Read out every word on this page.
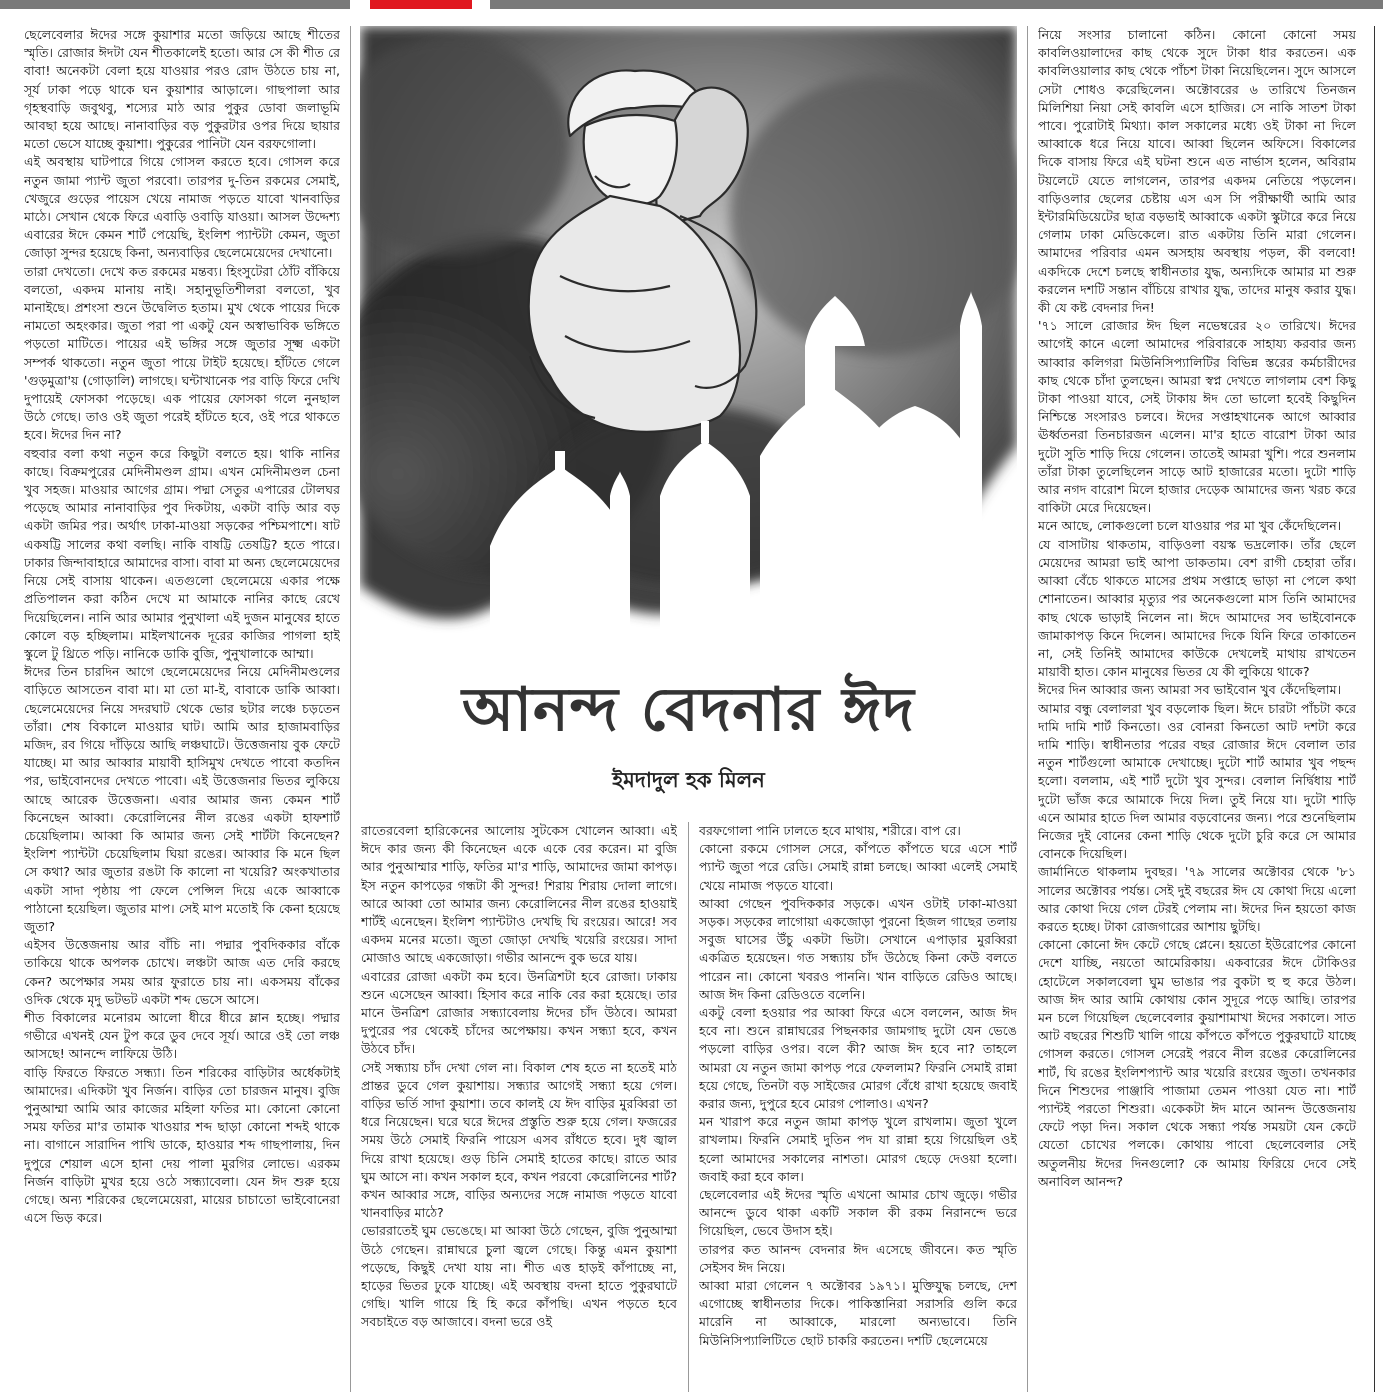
ছেলেবেলার ঈদের সঙ্গে কুয়াশার মতো জড়িয়ে আছে শীতের স্মৃতি। রোজার ঈদটা যেন শীতকালেই হতো। আর সে কী শীত রে বাবা! অনেকটা বেলা হয়ে যাওয়ার পরও রোদ উঠতে চায় না, সূর্য ঢাকা পড়ে থাকে ঘন কুয়াশার আড়ালে। গাছপালা আর গৃহস্থবাড়ি জবুথবু, শস্যের মাঠ আর পুকুর ডোবা জলাভূমি আবছা হয়ে আছে। নানাবাড়ির বড় পুকুরটার ওপর দিয়ে ছায়ার মতো ভেসে যাচ্ছে কুয়াশা। পুকুরের পানিটা যেন বরফগোলা।

এই অবস্থায় ঘাটপারে গিয়ে গোসল করতে হবে। গোসল করে নতুন জামা প্যান্ট জুতা পরবো। তারপর দু-তিন রকমের সেমাই, খেজুরে গুড়ের পায়েস খেয়ে নামাজ পড়তে যাবো খানবাড়ির মাঠে। সেখান থেকে ফিরে এবাড়ি ওবাড়ি যাওয়া। আসল উদ্দেশ্য এবারের ঈদে কেমন শার্ট পেয়েছি, ইংলিশ প্যান্টটা কেমন, জুতা জোড়া সুন্দর হয়েছে কিনা, অন্যবাড়ির ছেলেমেয়েদের দেখানো।

তারা দেখতো। দেখে কত রকমের মন্তব্য। হিংসুটেরা ঠোঁট বাঁকিয়ে বলতো, একদম মানায় নাই। সহানুভূতিশীলরা বলতো, খুব মানাইছে। প্রশংসা শুনে উদ্বেলিত হতাম। মুখ থেকে পায়ের দিকে নামতো অহংকার। জুতা পরা পা একটু যেন অস্বাভাবিক ভঙ্গিতে পড়তো মাটিতে। পায়ের এই ভঙ্গির সঙ্গে জুতার সূক্ষ্ম একটা সম্পর্ক থাকতো। নতুন জুতা পায়ে টাইট হয়েছে। হাঁটতে গেলে 'গুড়মুত্রা'য় (গোড়ালি) লাগছে। ঘন্টাখানেক পর বাড়ি ফিরে দেখি দুপায়েই ফোসকা পড়েছে। এক পায়ের ফোসকা গলে নুনছাল উঠে গেছে। তাও ওই জুতা পরেই হাঁটতে হবে, ওই পরে থাকতে হবে। ঈদের দিন না?

বহুবার বলা কথা নতুন করে কিছুটা বলতে হয়। থাকি নানির কাছে। বিক্রমপুরের মেদিনীমণ্ডল গ্রাম। এখন মেদিনীমণ্ডল চেনা খুব সহজ। মাওয়ার আগের গ্রাম। পদ্মা সেতুর এপারের টোলঘর পড়েছে আমার নানাবাড়ির পুব দিকটায়, একটা বাড়ি আর বড় একটা জমির পর। অর্থাৎ ঢাকা-মাওয়া সড়কের পশ্চিমপাশে। ষাট একষট্টি সালের কথা বলছি। নাকি বাষট্টি তেষট্টি? হতে পারে। ঢাকার জিন্দাবাহারে আমাদের বাসা। বাবা মা অন্য ছেলেমেয়েদের নিয়ে সেই বাসায় থাকেন। এতগুলো ছেলেমেয়ে একার পক্ষে প্রতিপালন করা কঠিন দেখে মা আমাকে নানির কাছে রেখে দিয়েছিলেন। নানি আর আমার পুনুখালা এই দুজন মানুষের হাতে কোলে বড় হচ্ছিলাম। মাইলখানেক দূরের কাজির পাগলা হাই স্কুলে টু থ্রিতে পড়ি। নানিকে ডাকি বুজি, পুনুখালাকে আম্মা।

ঈদের তিন চারদিন আগে ছেলেমেয়েদের নিয়ে মেদিনীমণ্ডলের বাড়িতে আসতেন বাবা মা। মা তো মা-ই, বাবাকে ডাকি আব্বা। ছেলেমেয়েদের নিয়ে সদরঘাট থেকে ভোর ছটার লঞ্চে চড়তেন তাঁরা। শেষ বিকালে মাওয়ার ঘাট। আমি আর হাজামবাড়ির মজিদ, রব গিয়ে দাঁড়িয়ে আছি লঞ্চঘাটে। উত্তেজনায় বুক ফেটে যাচ্ছে। মা আর আব্বার মায়াবী হাসিমুখ দেখতে পাবো কতদিন পর, ভাইবোনদের দেখতে পাবো। এই উত্তেজনার ভিতর লুকিয়ে আছে আরেক উত্তেজনা। এবার আমার জন্য কেমন শার্ট কিনেছেন আব্বা। কেরোলিনের নীল রঙের একটা হাফশার্ট চেয়েছিলাম। আব্বা কি আমার জন্য সেই শার্টটা কিনেছেন? ইংলিশ প্যান্টটা চেয়েছিলাম ঘিয়া রঙের। আব্বার কি মনে ছিল সে কথা? আর জুতার রঙটা কি কালো না খয়েরি? অংকখাতার একটা সাদা পৃষ্ঠায় পা ফেলে পেন্সিল দিয়ে একে আব্বাকে পাঠানো হয়েছিল। জুতার মাপ। সেই মাপ মতোই কি কেনা হয়েছে জুতা?

এইসব উত্তেজনায় আর বাঁচি না। পদ্মার পুবদিককার বাঁকে তাকিয়ে থাকে অপলক চোখে। লঞ্চটা আজ এত দেরি করছে কেন? অপেক্ষার সময় আর ফুরাতে চায় না। একসময় বাঁকের ওদিক থেকে মৃদু ভটভট একটা শব্দ ভেসে আসে।

শীত বিকালের মনোরম আলো ধীরে ধীরে ম্লান হচ্ছে। পদ্মার গভীরে এখনই যেন টুপ করে ডুব দেবে সূর্য। আরে ওই তো লঞ্চ আসছে! আনন্দে লাফিয়ে উঠি।

বাড়ি ফিরতে ফিরতে সন্ধ্যা। তিন শরিকের বাড়িটার অর্ধেকটাই আমাদের। এদিকটা খুব নির্জন। বাড়ির তো চারজন মানুষ। বুজি পুনুআম্মা আমি আর কাজের মহিলা ফতির মা। কোনো কোনো সময় ফতির মা'র তামাক খাওয়ার শব্দ ছাড়া কোনো শব্দই থাকে না। বাগানে সারাদিন পাখি ডাকে, হাওয়ার শব্দ গাছপালায়, দিন দুপুরে শেয়াল এসে হানা দেয় পালা মুরগির লোভে। এরকম নির্জন বাড়িটা মুখর হয়ে ওঠে সন্ধ্যাবেলা। যেন ঈদ শুরু হয়ে গেছে। অন্য শরিকের ছেলেমেয়েরা, মায়ের চাচাতো ভাইবোনেরা এসে ভিড় করে।

আনন্দ বেদনার ঈদ
ইমদাদুল হক মিলন

রাতেরবেলা হারিকেনের আলোয় সুটকেস খোলেন আব্বা। এই ঈদে কার জন্য কী কিনেছেন একে একে বের করেন। মা বুজি আর পুনুআম্মার শাড়ি, ফতির মা'র শাড়ি, আমাদের জামা কাপড়। ইস নতুন কাপড়ের গন্ধটা কী সুন্দর! শিরায় শিরায় দোলা লাগে। আরে আব্বা তো আমার জন্য কেরোলিনের নীল রঙের হাওয়াই শার্টই এনেছেন। ইংলিশ প্যান্টটাও দেখছি ঘি রংয়ের। আরে! সব একদম মনের মতো। জুতা জোড়া দেখছি খয়েরি রংয়ের। সাদা মোজাও আছে একজোড়া। গভীর আনন্দে বুক ভরে যায়।

এবারের রোজা একটা কম হবে। উনত্রিশটা হবে রোজা। ঢাকায় শুনে এসেছেন আব্বা। হিসাব করে নাকি বের করা হয়েছে। তার মানে উনত্রিশ রোজার সন্ধ্যাবেলায় ঈদের চাঁদ উঠবে। আমরা দুপুরের পর থেকেই চাঁদের অপেক্ষায়। কখন সন্ধ্যা হবে, কখন উঠবে চাঁদ।

সেই সন্ধ্যায় চাঁদ দেখা গেল না। বিকাল শেষ হতে না হতেই মাঠ প্রান্তর ডুবে গেল কুয়াশায়। সন্ধ্যার আগেই সন্ধ্যা হয়ে গেল। বাড়ির ভর্তি সাদা কুয়াশা। তবে কালই যে ঈদ বাড়ির মুরব্বিরা তা ধরে নিয়েছেন। ঘরে ঘরে ঈদের প্রস্তুতি শুরু হয়ে গেল। ফজরের সময় উঠে সেমাই ফিরনি পায়েস এসব রাঁধতে হবে। দুধ জ্বাল দিয়ে রাখা হয়েছে। গুড় চিনি সেমাই হাতের কাছে। রাতে আর ঘুম আসে না। কখন সকাল হবে, কখন পরবো কেরোলিনের শার্ট? কখন আব্বার সঙ্গে, বাড়ির অন্যদের সঙ্গে নামাজ পড়তে যাবো খানবাড়ির মাঠে?

ভোররাতেই ঘুম ভেঙেছে। মা আব্বা উঠে গেছেন, বুজি পুনুআম্মা উঠে গেছেন। রান্নাঘরে চুলা জ্বলে গেছে। কিন্তু এমন কুয়াশা পড়েছে, কিছুই দেখা যায় না। শীত এত্ত হাড়ই কাঁপাচ্ছে না, হাড়ের ভিতর ঢুকে যাচ্ছে। এই অবস্থায় বদনা হাতে পুকুরঘাটে গেছি। খালি গায়ে হি হি করে কাঁপছি। এখন পড়তে হবে সবচাইতে বড় আজাবে। বদনা ভরে ওই

বরফগোলা পানি ঢালতে হবে মাথায়, শরীরে। বাপ রে।

কোনো রকমে গোসল সেরে, কাঁপতে কাঁপতে ঘরে এসে শার্ট প্যান্ট জুতা পরে রেডি। সেমাই রান্না চলছে। আব্বা এলেই সেমাই খেয়ে নামাজ পড়তে যাবো।

আব্বা গেছেন পুবদিককার সড়কে। এখন ওটাই ঢাকা-মাওয়া সড়ক। সড়কের লাগোয়া একজোড়া পুরনো হিজল গাছের তলায় সবুজ ঘাসের উঁচু একটা ভিটা। সেখানে এপাড়ার মুরব্বিরা একত্রিত হয়েছেন। গত সন্ধ্যায় চাঁদ উঠেছে কিনা কেউ বলতে পারেন না। কোনো খবরও পাননি। খান বাড়িতে রেডিও আছে। আজ ঈদ কিনা রেডিওতে বলেনি।

একটু বেলা হওয়ার পর আব্বা ফিরে এসে বললেন, আজ ঈদ হবে না। শুনে রান্নাঘরের পিছনকার জামগাছ দুটো যেন ভেঙে পড়লো বাড়ির ওপর। বলে কী? আজ ঈদ হবে না? তাহলে আমরা যে নতুন জামা কাপড় পরে ফেললাম? ফিরনি সেমাই রান্না হয়ে গেছে, তিনটা বড় সাইজের মোরগ বেঁধে রাখা হয়েছে জবাই করার জন্য, দুপুরে হবে মোরগ পোলাও। এখন?

মন খারাপ করে নতুন জামা কাপড় খুলে রাখলাম। জুতা খুলে রাখলাম। ফিরনি সেমাই দুতিন পদ যা রান্না হয়ে গিয়েছিল ওই হলো আমাদের সকালের নাশতা। মোরগ ছেড়ে দেওয়া হলো। জবাই করা হবে কাল।

ছেলেবেলার এই ঈদের স্মৃতি এখনো আমার চোখ জুড়ে। গভীর আনন্দে ডুবে থাকা একটি সকাল কী রকম নিরানন্দে ভরে গিয়েছিল, ভেবে উদাস হই।

তারপর কত আনন্দ বেদনার ঈদ এসেছে জীবনে। কত স্মৃতি সেইসব ঈদ নিয়ে।

আব্বা মারা গেলেন ৭ অক্টোবর ১৯৭১। মুক্তিযুদ্ধ চলছে, দেশ এগোচ্ছে স্বাধীনতার দিকে। পাকিস্তানিরা সরাসরি গুলি করে মারেনি না আব্বাকে, মারলো অন্যভাবে। তিনি মিউনিসিপ্যালিটিতে ছোট চাকরি করতেন। দশটি ছেলেমেয়ে

নিয়ে সংসার চালানো কঠিন। কোনো কোনো সময় কাবলিওয়ালাদের কাছ থেকে সুদে টাকা ধার করতেন। এক কাবলিওয়ালার কাছ থেকে পাঁচশ টাকা নিয়েছিলেন। সুদে আসলে সেটা শোধও করেছিলেন। অক্টোবরের ৬ তারিখে তিনজন মিলিশিয়া নিয়া সেই কাবলি এসে হাজির। সে নাকি সাতশ টাকা পাবে। পুরোটাই মিথ্যা। কাল সকালের মধ্যে ওই টাকা না দিলে আব্বাকে ধরে নিয়ে যাবে। আব্বা ছিলেন অফিসে। বিকালের দিকে বাসায় ফিরে এই ঘটনা শুনে এত নার্ভাস হলেন, অবিরাম টয়লেটে যেতে লাগলেন, তারপর একদম নেতিয়ে পড়লেন। বাড়িওলার ছেলের চেষ্টায় এস এস সি পরীক্ষার্থী আমি আর ইন্টারমিডিয়েটের ছাত্র বড়ভাই আব্বাকে একটা স্কুটারে করে নিয়ে গেলাম ঢাকা মেডিকেলে। রাত একটায় তিনি মারা গেলেন। আমাদের পরিবার এমন অসহায় অবস্থায় পড়ল, কী বলবো! একদিকে দেশে চলছে স্বাধীনতার যুদ্ধ, অন্যদিকে আমার মা শুরু করলেন দশটি সন্তান বাঁচিয়ে রাখার যুদ্ধ, তাদের মানুষ করার যুদ্ধ। কী যে কষ্ট বেদনার দিন!

'৭১ সালে রোজার ঈদ ছিল নভেম্বরের ২০ তারিখে। ঈদের আগেই কানে এলো আমাদের পরিবারকে সাহায্য করবার জন্য আব্বার কলিগরা মিউনিসিপ্যালিটির বিভিন্ন স্তরের কর্মচারীদের কাছ থেকে চাঁদা তুলছেন। আমরা স্বপ্ন দেখতে লাগলাম বেশ কিছু টাকা পাওয়া যাবে, সেই টাকায় ঈদ তো ভালো হবেই কিছুদিন নিশ্চিন্তে সংসারও চলবে। ঈদের সপ্তাহখানেক আগে আব্বার ঊর্ধ্বতনরা তিনচারজন এলেন। মা'র হাতে বারোশ টাকা আর দুটো সুতি শাড়ি দিয়ে গেলেন। তাতেই আমরা খুশি। পরে শুনলাম তাঁরা টাকা তুলেছিলেন সাড়ে আট হাজারের মতো। দুটো শাড়ি আর নগদ বারোশ মিলে হাজার দেড়েক আমাদের জন্য খরচ করে বাকিটা মেরে দিয়েছেন।

মনে আছে, লোকগুলো চলে যাওয়ার পর মা খুব কেঁদেছিলেন।

যে বাসাটায় থাকতাম, বাড়িওলা বয়স্ক ভদ্রলোক। তাঁর ছেলে মেয়েদের আমরা ভাই আপা ডাকতাম। বেশ রাগী চেহারা তাঁর। আব্বা বেঁচে থাকতে মাসের প্রথম সপ্তাহে ভাড়া না পেলে কথা শোনাতেন। আব্বার মৃত্যুর পর অনেকগুলো মাস তিনি আমাদের কাছ থেকে ভাড়াই নিলেন না। ঈদে আমাদের সব ভাইবোনকে জামাকাপড় কিনে দিলেন। আমাদের দিকে যিনি ফিরে তাকাতেন না, সেই তিনিই আমাদের কাউকে দেখলেই মাথায় রাখতেন মায়াবী হাত। কোন মানুষের ভিতর যে কী লুকিয়ে থাকে?

ঈদের দিন আব্বার জন্য আমরা সব ভাইবোন খুব কেঁদেছিলাম।

আমার বন্ধু বেলালরা খুব বড়লোক ছিল। ঈদে চারটা পাঁচটা করে দামি দামি শার্ট কিনতো। ওর বোনরা কিনতো আট দশটা করে দামি শাড়ি। স্বাধীনতার পরের বছর রোজার ঈদে বেলাল তার নতুন শার্টগুলো আমাকে দেখাচ্ছে। দুটো শার্ট আমার খুব পছন্দ হলো। বললাম, এই শার্ট দুটো খুব সুন্দর। বেলাল নির্দ্বিধায় শার্ট দুটো ভাঁজ করে আমাকে দিয়ে দিল। তুই নিয়ে যা। দুটো শাড়ি এনে আমার হাতে দিল আমার বড়বোনের জন্য। পরে শুনেছিলাম নিজের দুই বোনের কেনা শাড়ি থেকে দুটো চুরি করে সে আমার বোনকে দিয়েছিল।

জার্মানিতে থাকলাম দুবছর। '৭৯ সালের অক্টোবর থেকে '৮১ সালের অক্টোবর পর্যন্ত। সেই দুই বছরের ঈদ যে কোথা দিয়ে এলো আর কোথা দিয়ে গেল টেরই পেলাম না। ঈদের দিন হয়তো কাজ করতে হচ্ছে। টাকা রোজগারের আশায় ছুটছি।

কোনো কোনো ঈদ কেটে গেছে প্লেনে। হয়তো ইউরোপের কোনো দেশে যাচ্ছি, নয়তো আমেরিকায়। একবারের ঈদে টোকিওর হোটেলে সকালবেলা ঘুম ভাঙার পর বুকটা হু হু করে উঠল। আজ ঈদ আর আমি কোথায় কোন সুদূরে পড়ে আছি। তারপর মন চলে গিয়েছিল ছেলেবেলার কুয়াশামাখা ঈদের সকালে। সাত আট বছরের শিশুটি খালি গায়ে কাঁপতে কাঁপতে পুকুরঘাটে যাচ্ছে গোসল করতে। গোসল সেরেই পরবে নীল রঙের কেরোলিনের শার্ট, ঘি রঙের ইংলিশপ্যান্ট আর খয়েরি রংয়ের জুতা। তখনকার দিনে শিশুদের পাঞ্জাবি পাজামা তেমন পাওয়া যেত না। শার্ট প্যান্টই পরতো শিশুরা। একেকটা ঈদ মানে আনন্দ উত্তেজনায় ফেটে পড়া দিন। সকাল থেকে সন্ধ্যা পর্যন্ত সময়টা যেন কেটে যেতো চোখের পলকে। কোথায় পাবো ছেলেবেলার সেই অতুলনীয় ঈদের দিনগুলো? কে আমায় ফিরিয়ে দেবে সেই অনাবিল আনন্দ?
